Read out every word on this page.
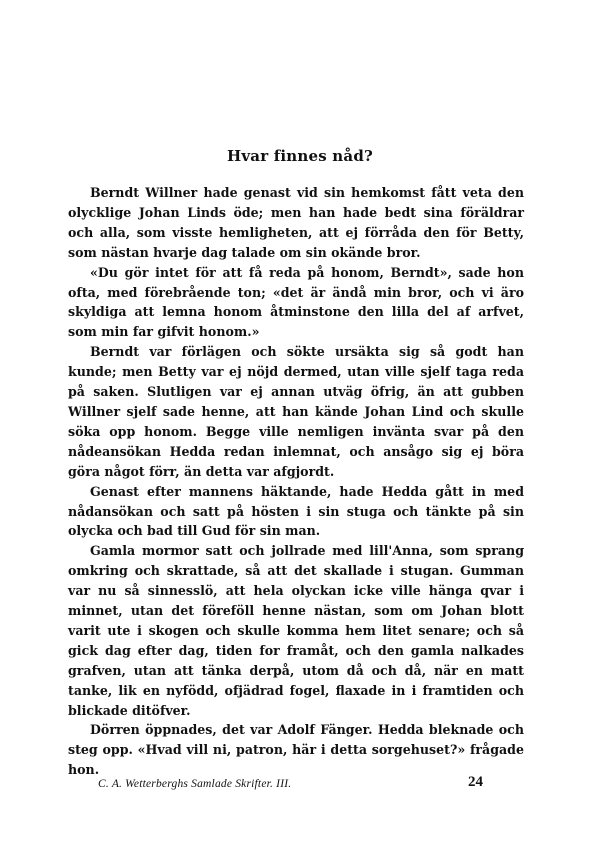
Hvar finnes nåd?

Berndt Willner hade genast vid sin hemkomst fått veta den olycklige Johan Linds öde; men han hade bedt sina föräldrar och alla, som visste hemligheten, att ej förråda den för Betty, som nästan hvarje dag talade om sin okände bror.

«Du gör intet för att få reda på honom, Berndt», sade hon ofta, med förebrående ton; «det är ändå min bror, och vi äro skyldiga att lemna honom åtminstone den lilla del af arfvet, som min far gifvit honom.»

Berndt var förlägen och sökte ursäkta sig så godt han kunde; men Betty var ej nöjd dermed, utan ville sjelf taga reda på saken. Slutligen var ej annan utväg öfrig, än att gubben Willner sjelf sade henne, att han kände Johan Lind och skulle söka opp honom. Begge ville nemligen invänta svar på den nådeansökan Hedda redan inlemnat, och ansågo sig ej böra göra något förr, än detta var afgjordt.

Genast efter mannens häktande, hade Hedda gått in med nådansökan och satt på hösten i sin stuga och tänkte på sin olycka och bad till Gud för sin man.

Gamla mormor satt och jollrade med lill'Anna, som sprang omkring och skrattade, så att det skallade i stugan. Gumman var nu så sinnesslö, att hela olyckan icke ville hänga qvar i minnet, utan det föreföll henne nästan, som om Johan blott varit ute i skogen och skulle komma hem litet senare; och så gick dag efter dag, tiden for framåt, och den gamla nalkades grafven, utan att tänka derpå, utom då och då, när en matt tanke, lik en nyfödd, ofjädrad fogel, flaxade in i framtiden och blickade ditöfver.

Dörren öppnades, det var Adolf Fänger. Hedda bleknade och steg opp. «Hvad vill ni, patron, här i detta sorgehuset?» frågade hon.

C. A. Wetterberghs Samlade Skrifter. III.	24
